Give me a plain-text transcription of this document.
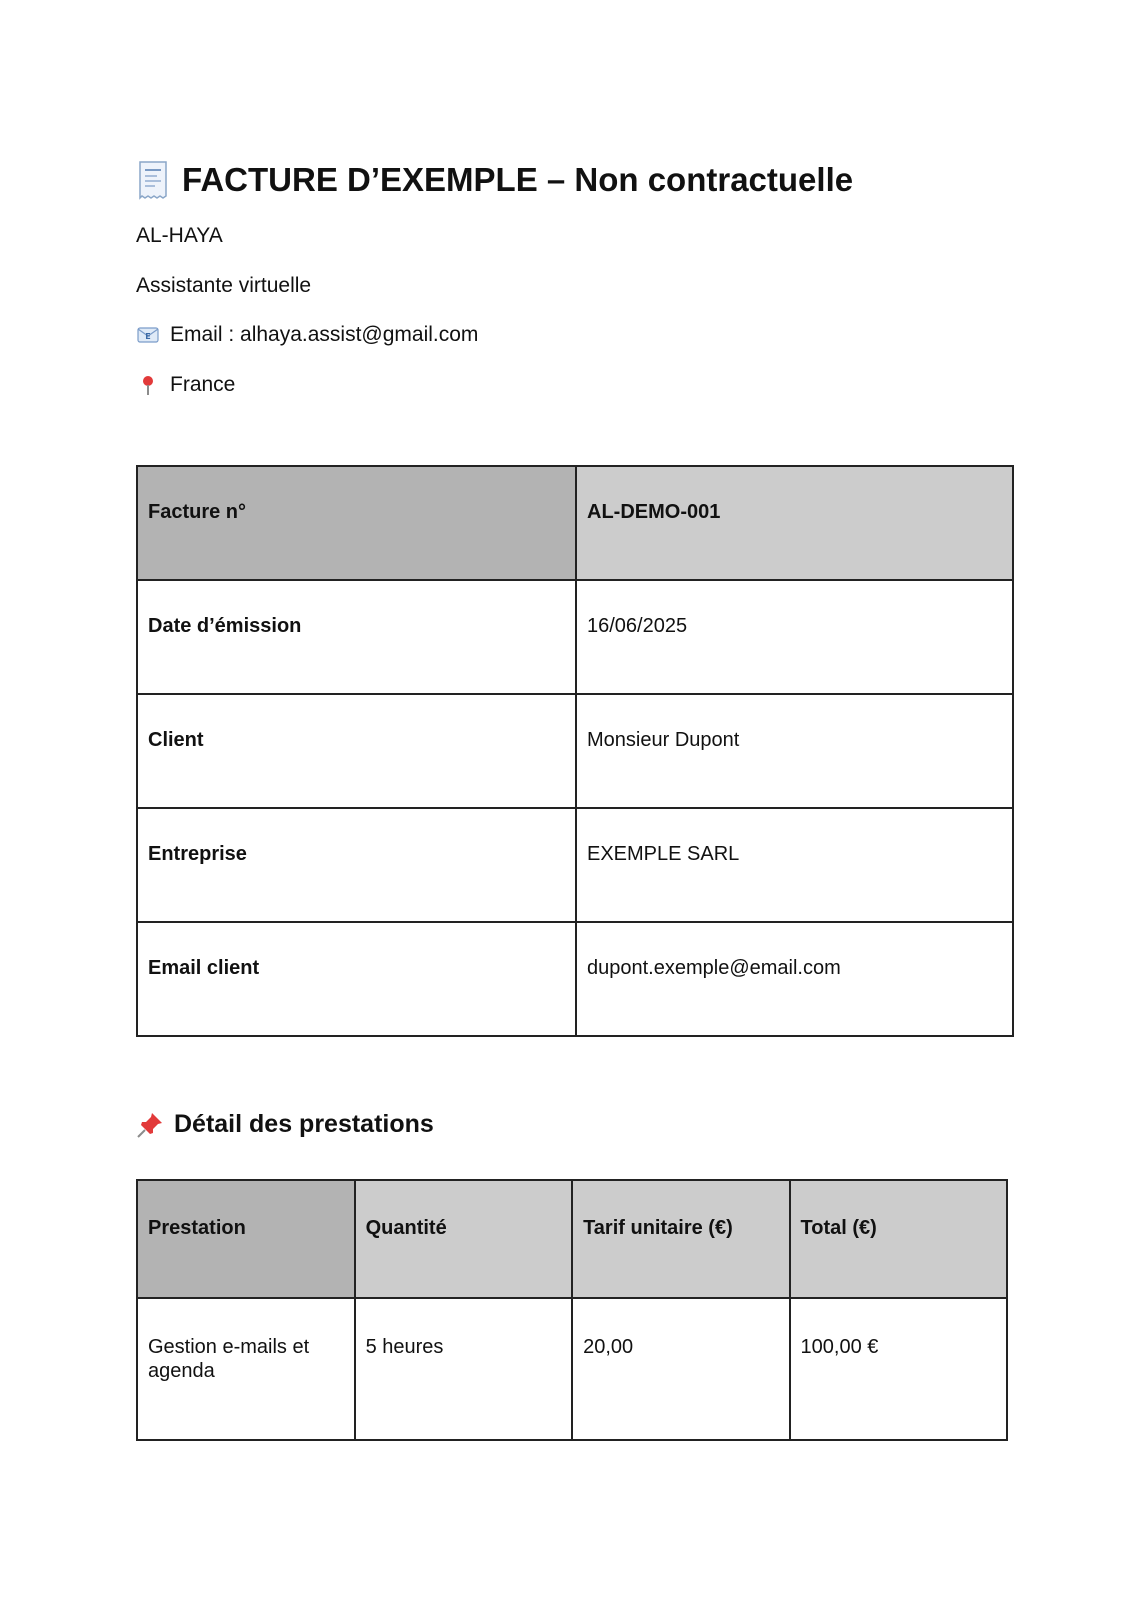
FACTURE D’EXEMPLE – Non contractuelle
AL-HAYA
Assistante virtuelle
E Email : alhaya.assist@gmail.com
France
Facture n°	AL-DEMO-001
Date d’émission	16/06/2025
Client	Monsieur Dupont
Entreprise	EXEMPLE SARL
Email client	dupont.exemple@email.com
Détail des prestations
Prestation	Quantité	Tarif unitaire (€)	Total (€)
Gestion e-mails et agenda	5 heures	20,00	100,00 €
